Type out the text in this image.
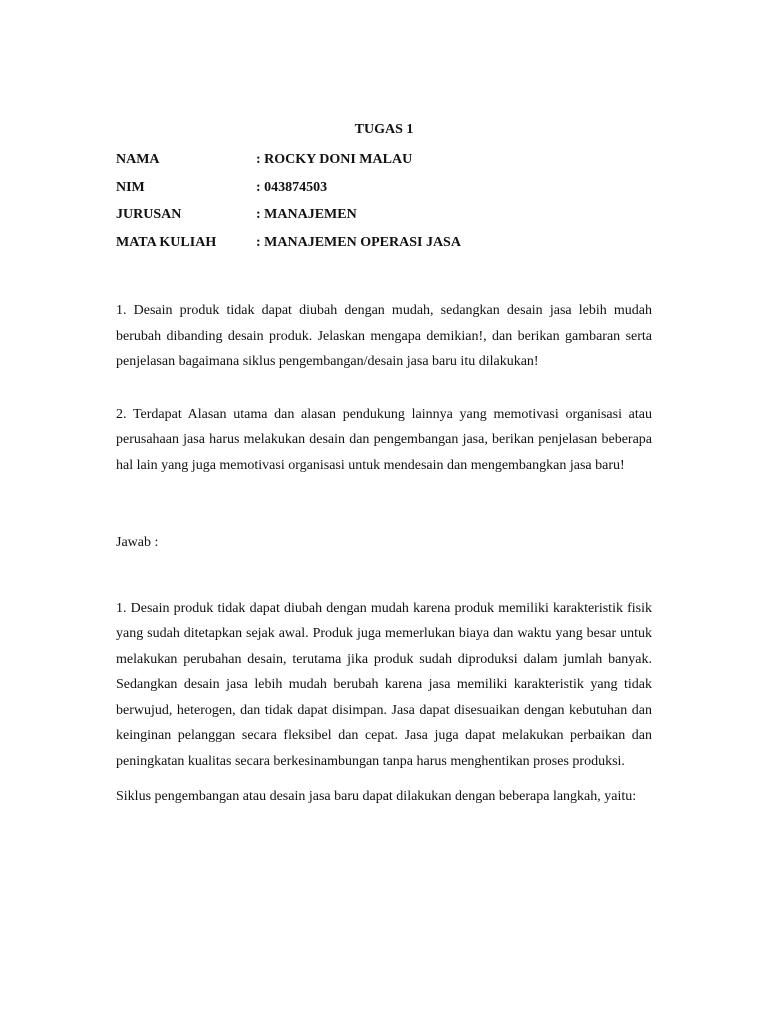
TUGAS 1
NAMA	: ROCKY DONI MALAU
NIM	: 043874503
JURUSAN	: MANAJEMEN
MATA KULIAH	: MANAJEMEN OPERASI JASA

1. Desain produk tidak dapat diubah dengan mudah, sedangkan desain jasa lebih mudah berubah dibanding desain produk. Jelaskan mengapa demikian!, dan berikan gambaran serta penjelasan bagaimana siklus pengembangan/desain jasa baru itu dilakukan!

2. Terdapat Alasan utama dan alasan pendukung lainnya yang memotivasi organisasi atau perusahaan jasa harus melakukan desain dan pengembangan jasa, berikan penjelasan beberapa hal lain yang juga memotivasi organisasi untuk mendesain dan mengembangkan jasa baru!

Jawab :

1. Desain produk tidak dapat diubah dengan mudah karena produk memiliki karakteristik fisik yang sudah ditetapkan sejak awal. Produk juga memerlukan biaya dan waktu yang besar untuk melakukan perubahan desain, terutama jika produk sudah diproduksi dalam jumlah banyak. Sedangkan desain jasa lebih mudah berubah karena jasa memiliki karakteristik yang tidak berwujud, heterogen, dan tidak dapat disimpan. Jasa dapat disesuaikan dengan kebutuhan dan keinginan pelanggan secara fleksibel dan cepat. Jasa juga dapat melakukan perbaikan dan peningkatan kualitas secara berkesinambungan tanpa harus menghentikan proses produksi.

Siklus pengembangan atau desain jasa baru dapat dilakukan dengan beberapa langkah, yaitu:
